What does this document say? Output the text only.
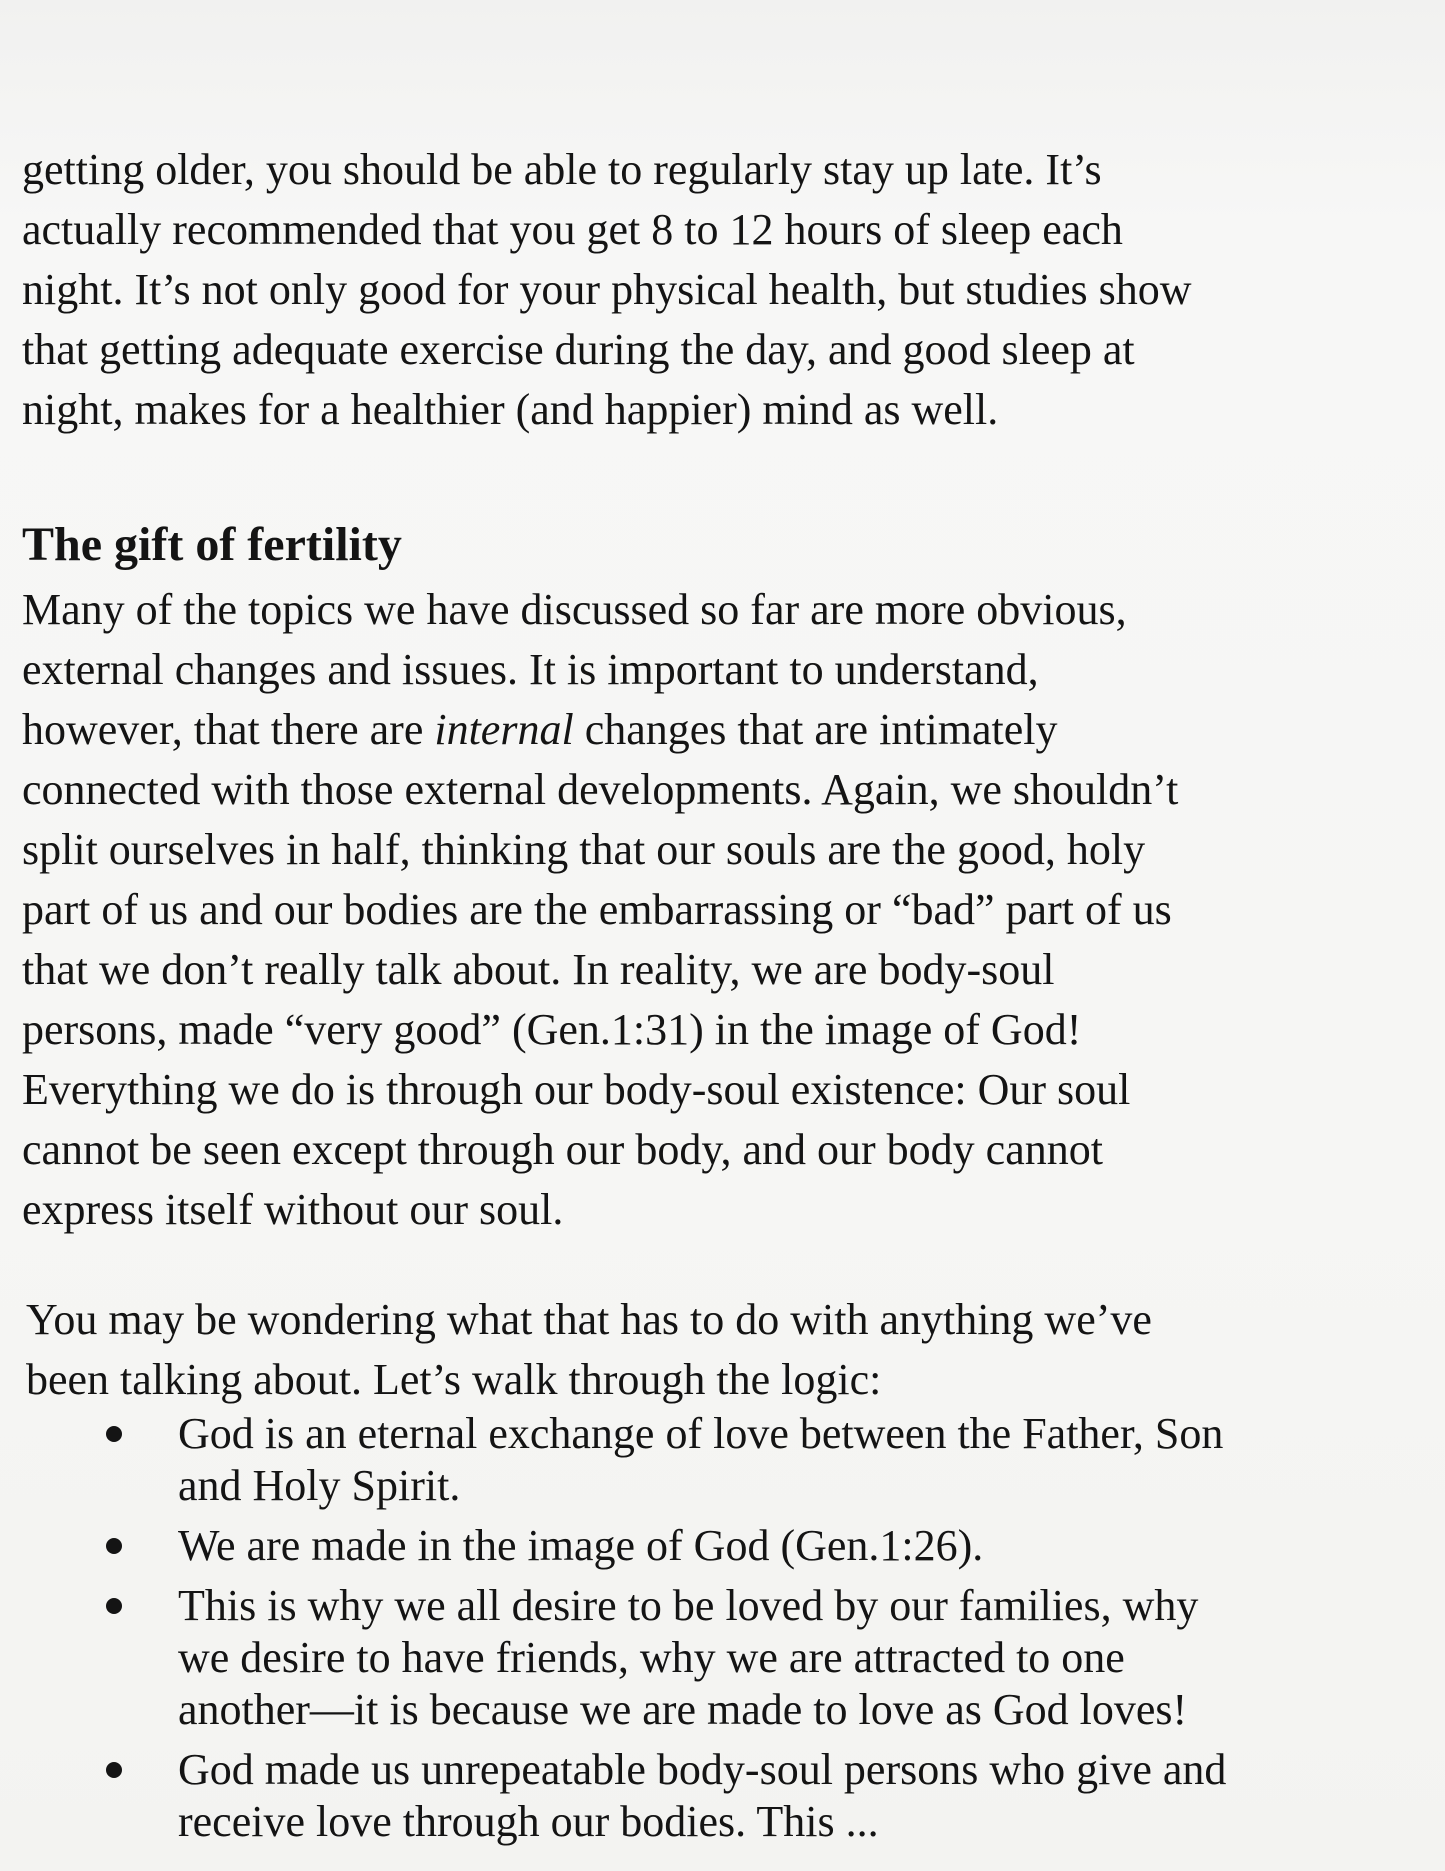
getting older, you should be able to regularly stay up late. It’s
actually recommended that you get 8 to 12 hours of sleep each
night. It’s not only good for your physical health, but studies show
that getting adequate exercise during the day, and good sleep at
night, makes for a healthier (and happier) mind as well.

The gift of fertility

Many of the topics we have discussed so far are more obvious,
external changes and issues. It is important to understand,
however, that there are internal changes that are intimately
connected with those external developments. Again, we shouldn’t
split ourselves in half, thinking that our souls are the good, holy
part of us and our bodies are the embarrassing or “bad” part of us
that we don’t really talk about. In reality, we are body-soul
persons, made “very good” (Gen.1:31) in the image of God!
Everything we do is through our body-soul existence: Our soul
cannot be seen except through our body, and our body cannot
express itself without our soul.

You may be wondering what that has to do with anything we’ve
been talking about. Let’s walk through the logic:

God is an eternal exchange of love between the Father, Son
and Holy Spirit.
We are made in the image of God (Gen.1:26).
This is why we all desire to be loved by our families, why
we desire to have friends, why we are attracted to one
another—it is because we are made to love as God loves!
God made us unrepeatable body-soul persons who give and
receive love through our bodies. This ...
